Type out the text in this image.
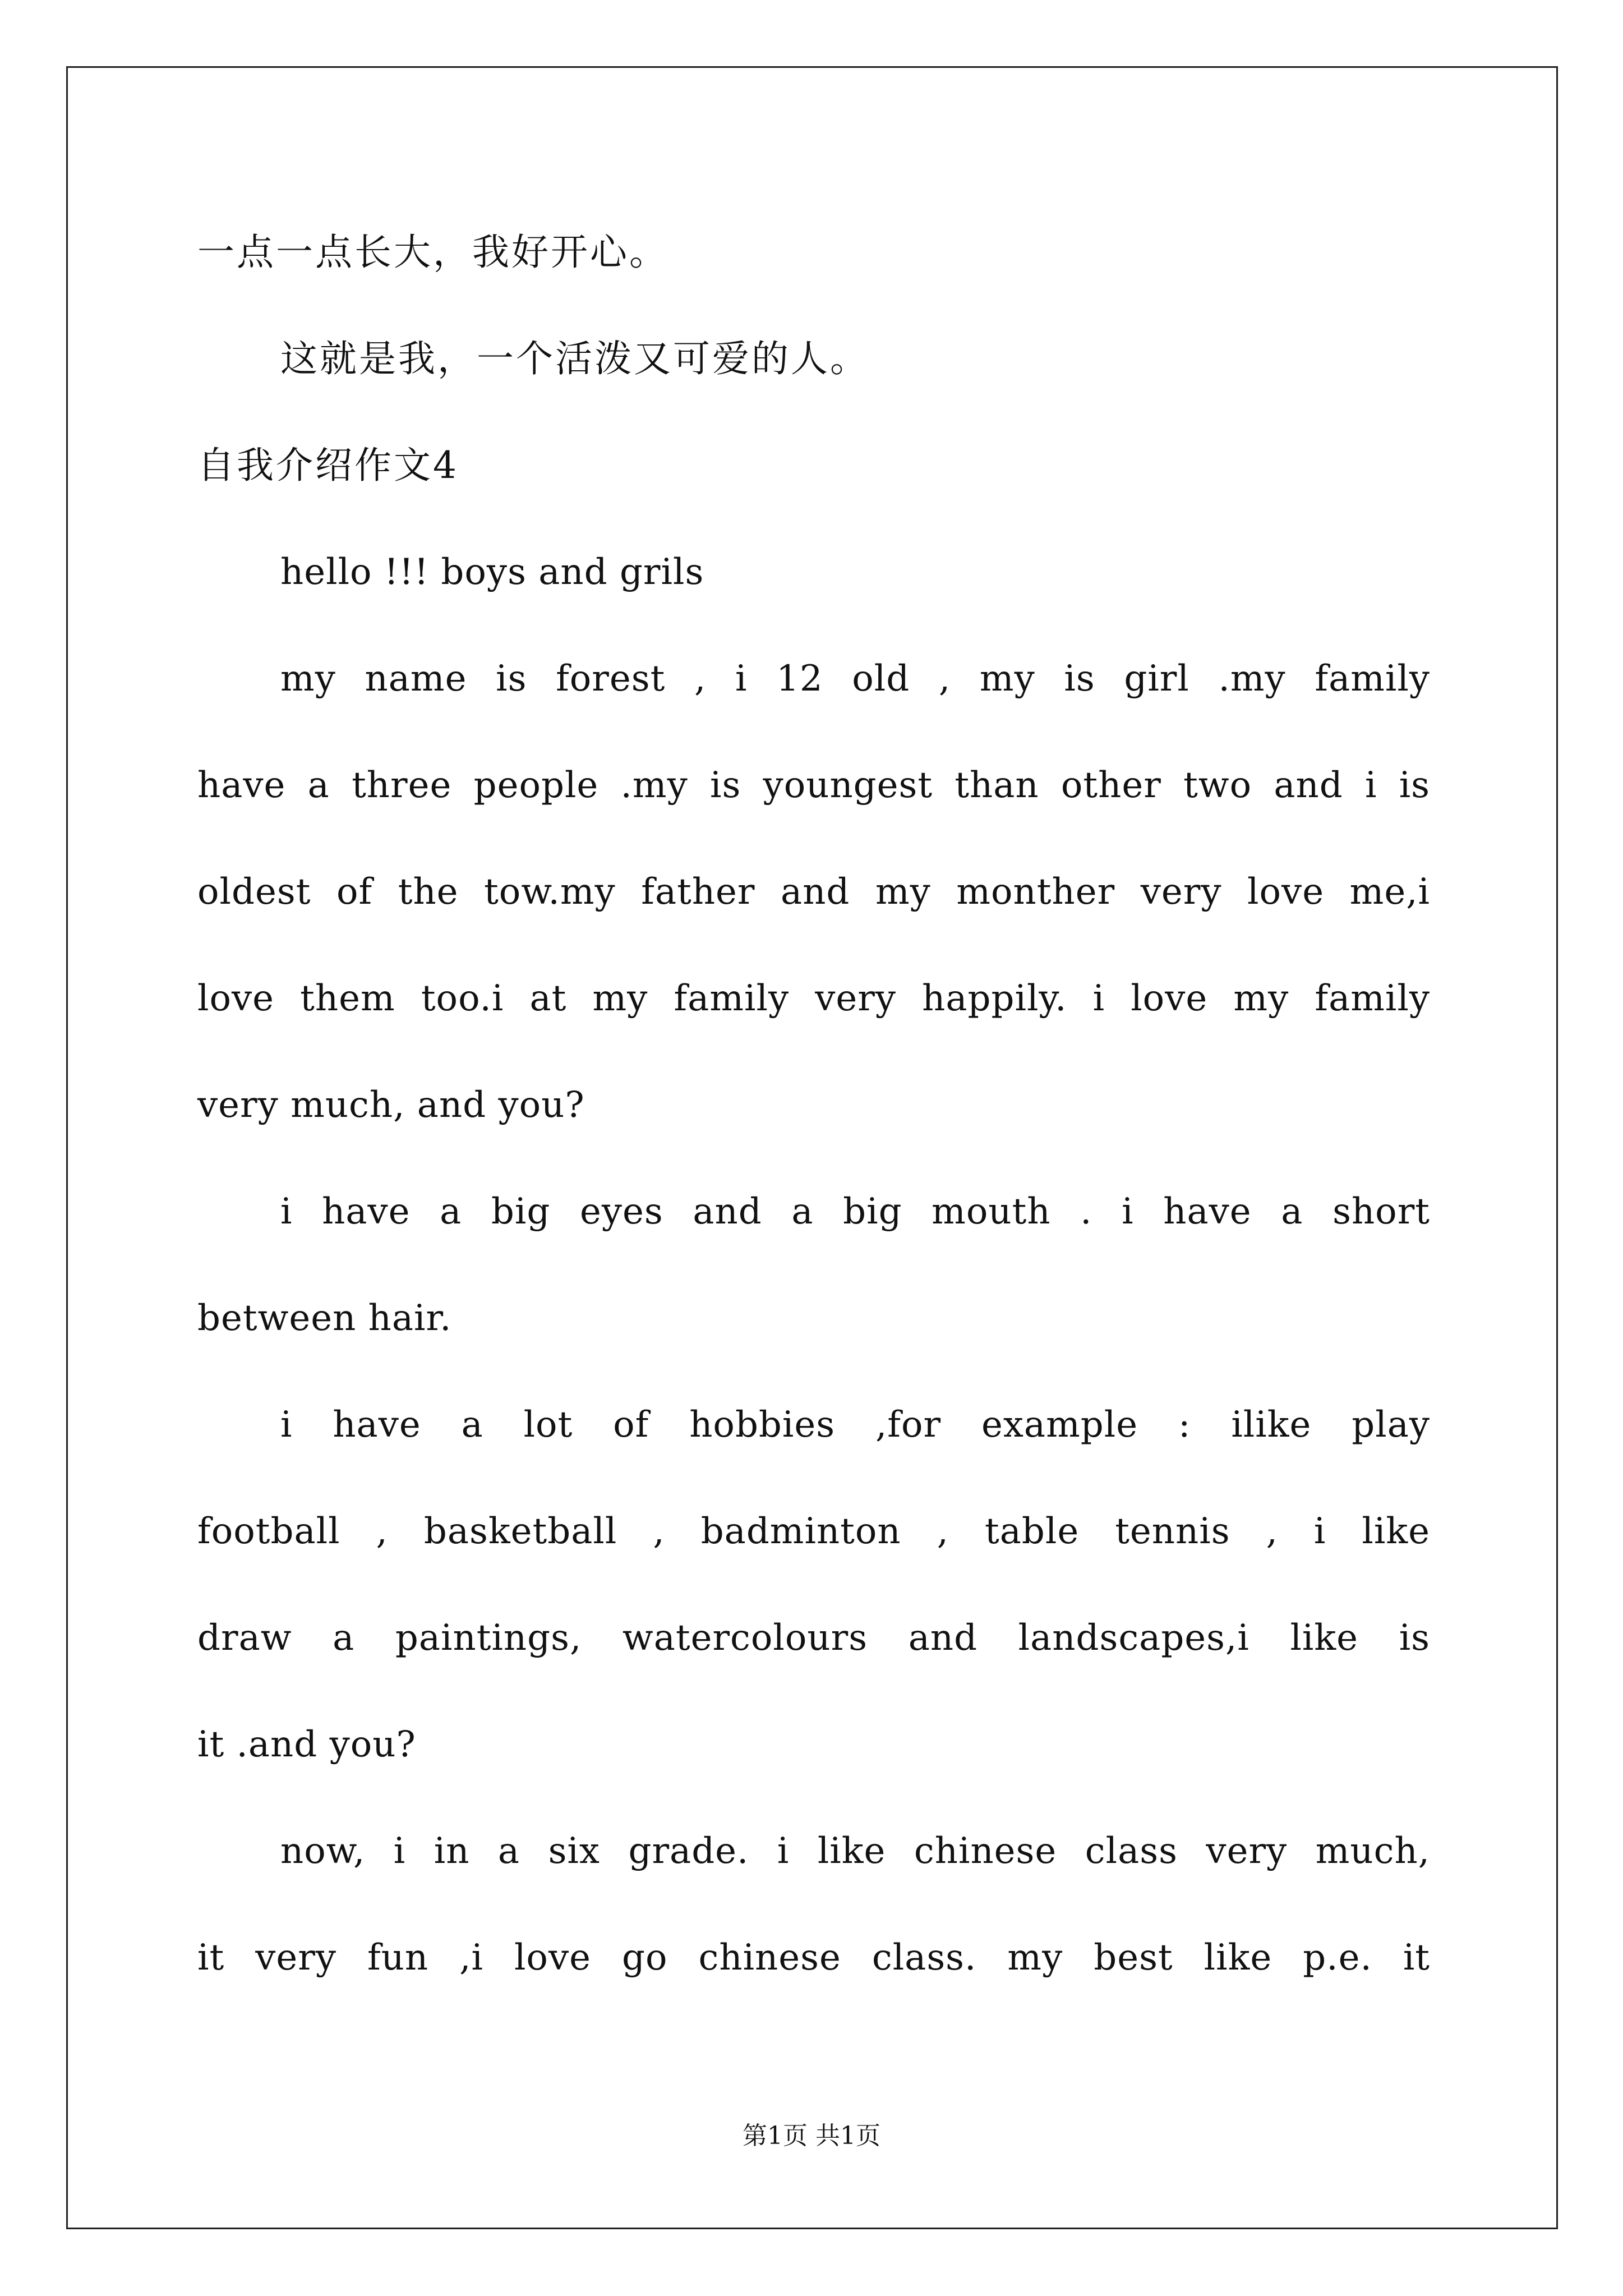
一点一点长大，我好开心。
这就是我，一个活泼又可爱的人。
自我介绍作文4
hello !!! boys and grils
my name is forest , i 12 old , my is girl .my family
have a three people .my is youngest than other two and i is
oldest of the tow.my father and my monther very love me,i
love them too.i at my family very happily. i love my family
very much, and you?
i have a big eyes and a big mouth . i have a short
between hair.
i have a lot of hobbies ,for example : ilike play
football , basketball , badminton , table tennis , i like
draw a paintings, watercolours and landscapes,i like is
it .and you?
now, i in a six grade. i like chinese class very much,
it very fun ,i love go chinese class. my best like p.e. it
第1页 共1页
